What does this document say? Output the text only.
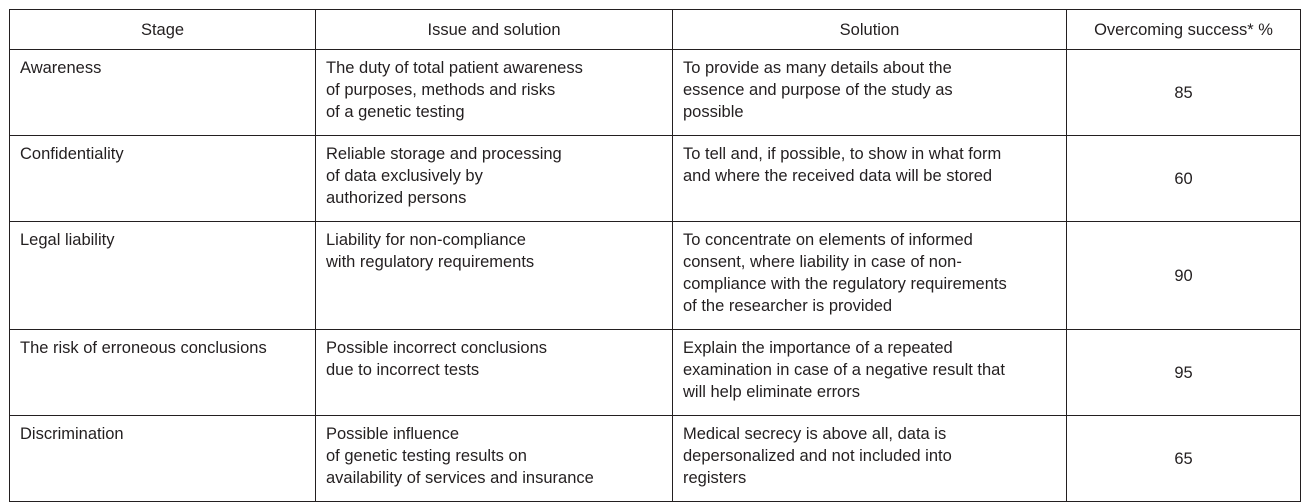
Stage	Issue and solution	Solution	Overcoming success* %
Awareness	The duty of total patient awareness
of purposes, methods and risks
of a genetic testing	To provide as many details about the
essence and purpose of the study as
possible	85
Confidentiality	Reliable storage and processing
of data exclusively by
authorized persons	To tell and, if possible, to show in what form
and where the received data will be stored	60
Legal liability	Liability for non-compliance
with regulatory requirements	To concentrate on elements of informed
consent, where liability in case of non-
compliance with the regulatory requirements
of the researcher is provided	90
The risk of erroneous conclusions	Possible incorrect conclusions
due to incorrect tests	Explain the importance of a repeated
examination in case of a negative result that
will help eliminate errors	95
Discrimination	Possible influence
of genetic testing results on
availability of services and insurance	Medical secrecy is above all, data is
depersonalized and not included into
registers	65
